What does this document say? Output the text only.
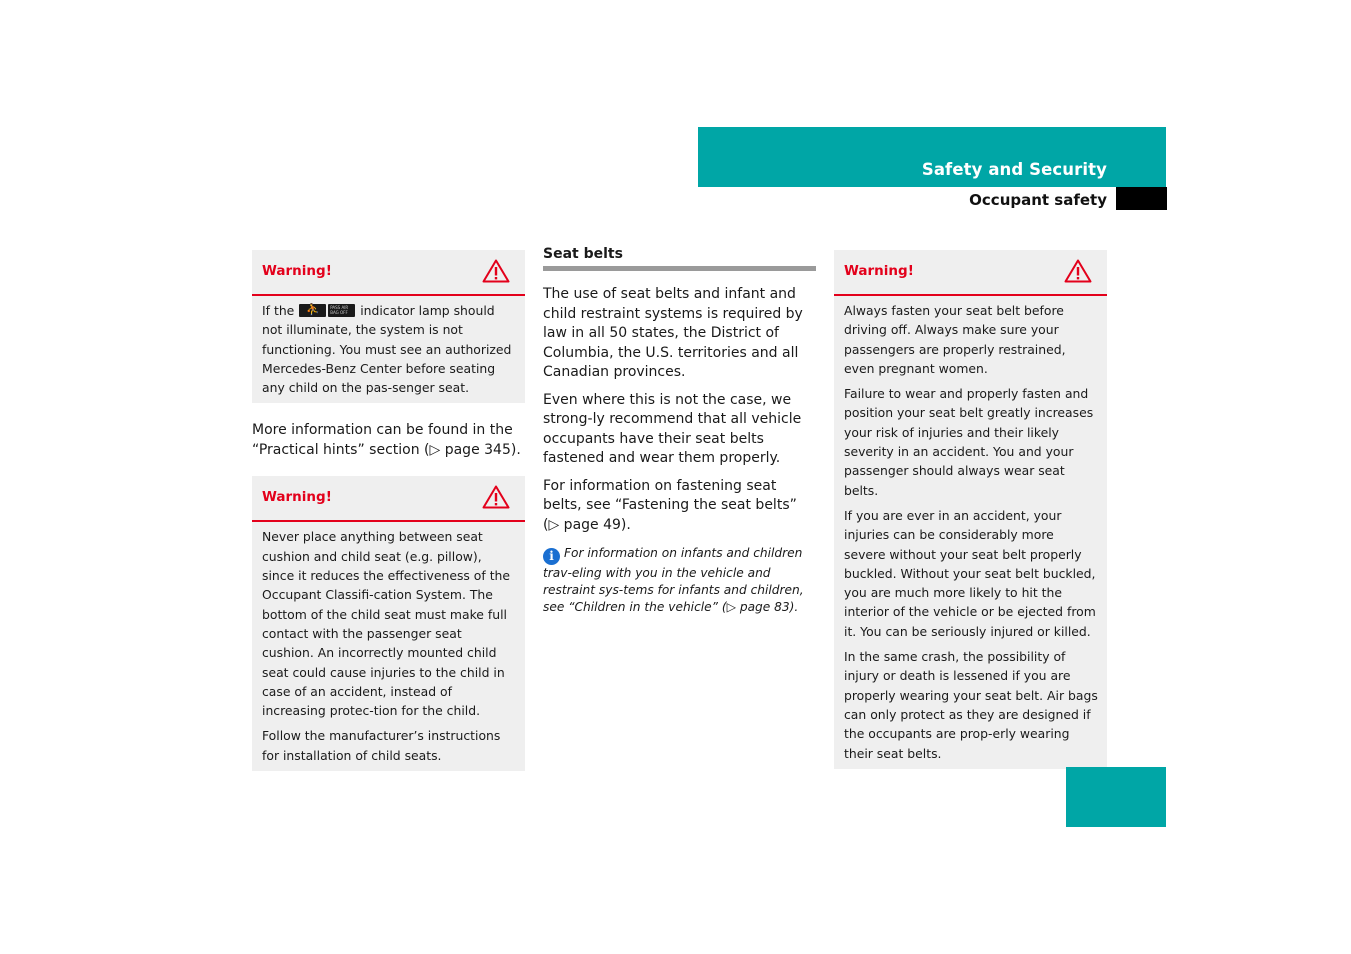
Safety and Security
Occupant safety
Warning!

If the ⛹	PASS AIR BAG OFF	indicator lamp should not illuminate, the system is not functioning. You must see an authorized Mercedes-Benz Center before seating any child on the pas-senger seat.

More information can be found in the “Practical hints” section (▷ page 345).

Warning!

Never place anything between seat cushion and child seat (e.g. pillow), since it reduces the effectiveness of the Occupant Classifi-cation System. The bottom of the child seat must make full contact with the passenger seat cushion. An incorrectly mounted child seat could cause injuries to the child in case of an accident, instead of increasing protec-tion for the child.

Follow the manufacturer’s instructions for installation of child seats.

Seat belts

The use of seat belts and infant and child restraint systems is required by law in all 50 states, the District of Columbia, the U.S. territories and all Canadian provinces.

Even where this is not the case, we strong-ly recommend that all vehicle occupants have their seat belts fastened and wear them properly.

For information on fastening seat belts, see “Fastening the seat belts” (▷ page 49).

i For information on infants and children trav-eling with you in the vehicle and restraint sys-tems for infants and children, see “Children in the vehicle” (▷ page 83).
Warning!

Always fasten your seat belt before driving off. Always make sure your passengers are properly restrained, even pregnant women.

Failure to wear and properly fasten and position your seat belt greatly increases your risk of injuries and their likely severity in an accident. You and your passenger should always wear seat belts.

If you are ever in an accident, your injuries can be considerably more severe without your seat belt properly buckled. Without your seat belt buckled, you are much more likely to hit the interior of the vehicle or be ejected from it. You can be seriously injured or killed.

In the same crash, the possibility of injury or death is lessened if you are properly wearing your seat belt. Air bags can only protect as they are designed if the occupants are prop-erly wearing their seat belts.

77
